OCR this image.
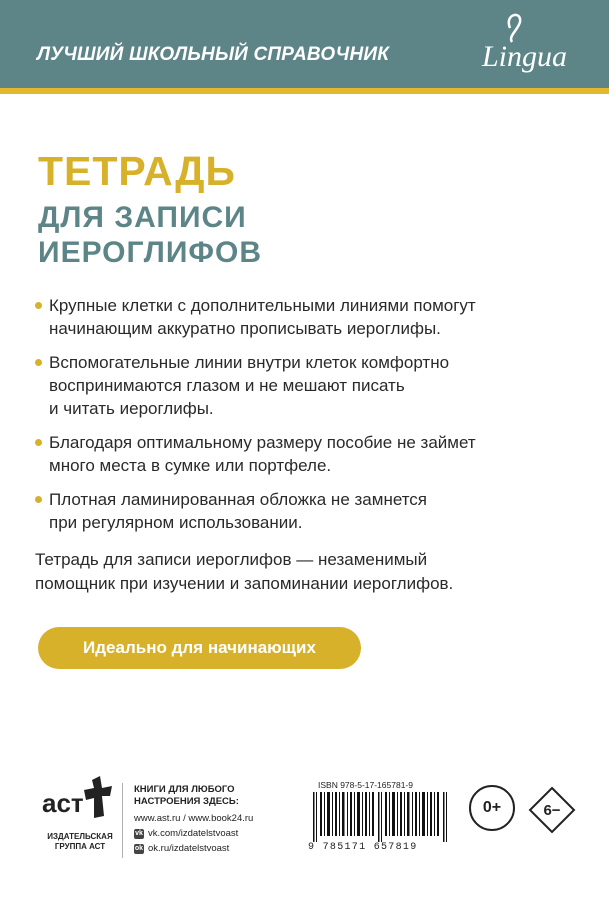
ЛУЧШИЙ ШКОЛЬНЫЙ СПРАВОЧНИК	Lingua
ТЕТРАДЬ
ДЛЯ ЗАПИСИ
ИЕРОГЛИФОВ
Крупные клетки с дополнительными линиями помогут
начинающим аккуратно прописывать иероглифы.
Вспомогательные линии внутри клеток комфортно
воспринимаются глазом и не мешают писать
и читать иероглифы.
Благодаря оптимальному размеру пособие не займет
много места в сумке или портфеле.
Плотная ламинированная обложка не замнется
при регулярном использовании.
Тетрадь для записи иероглифов — незаменимый
помощник при изучении и запоминании иероглифов.
Идеально для начинающих
аст
ИЗДАТЕЛЬСКАЯ
ГРУППА АСТ
КНИГИ ДЛЯ ЛЮБОГО
НАСТРОЕНИЯ ЗДЕСЬ:
www.ast.ru / www.book24.ru
vk vk.com/izdatelstvoast
ok ok.ru/izdatelstvoast
ISBN 978-5-17-165781-9
9 785171 657819
0+	6−
